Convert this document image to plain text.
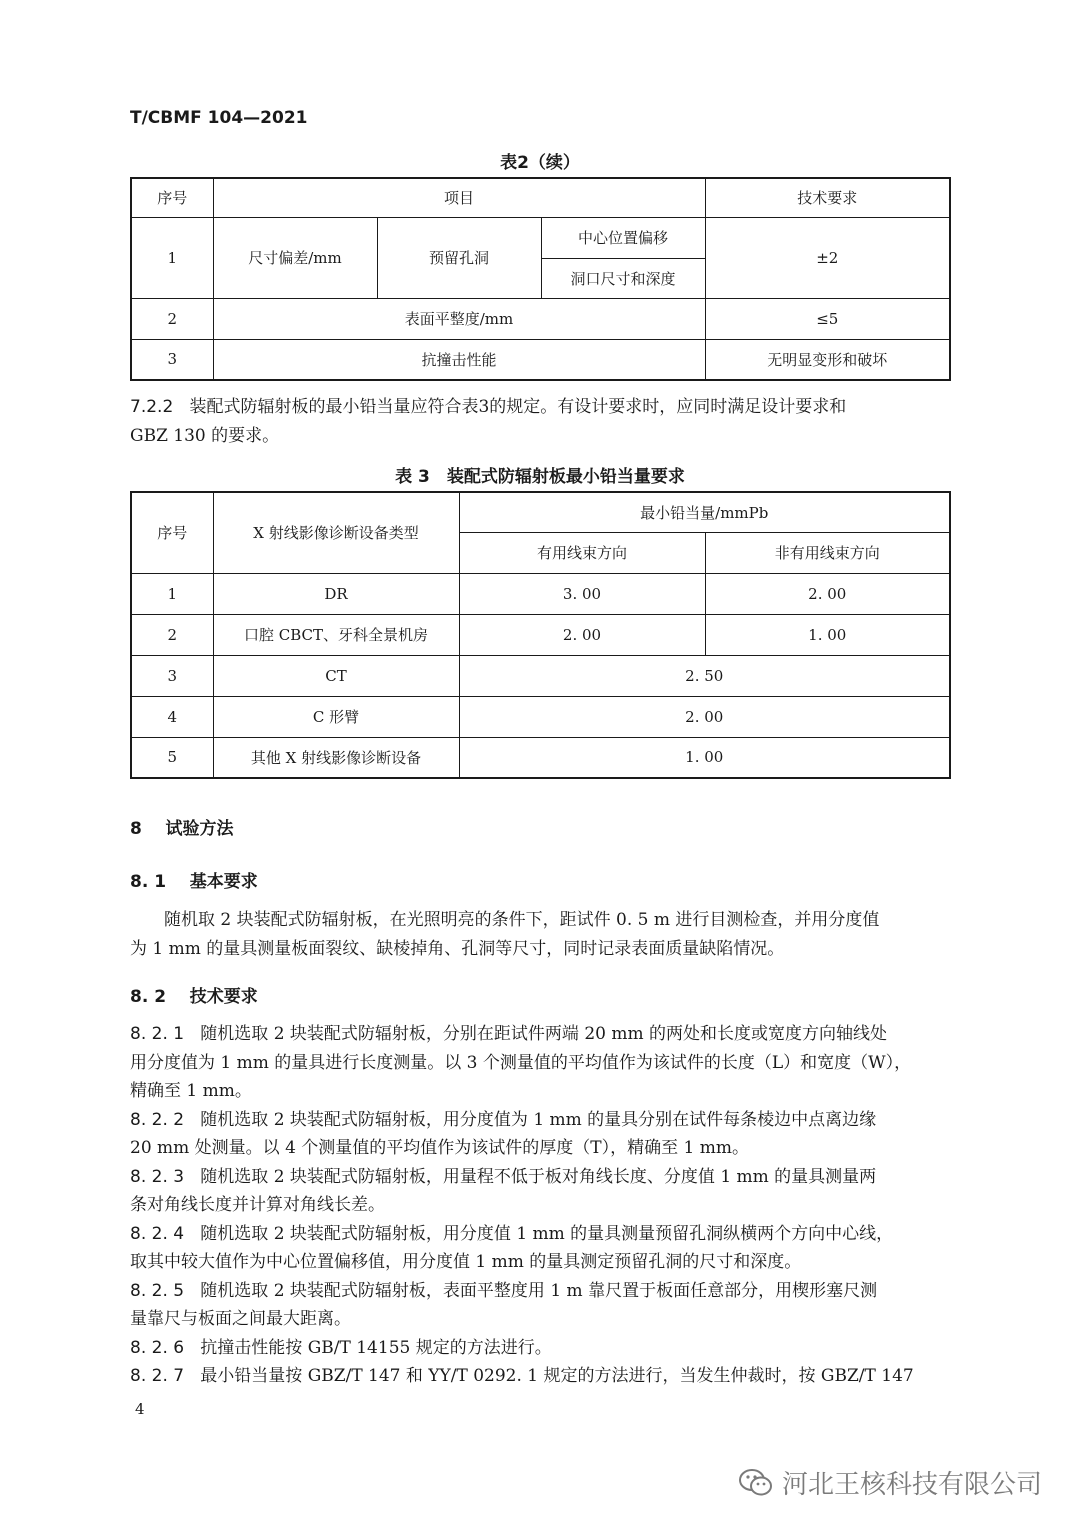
T/CBMF 104—2021
表2（续）
序号	项目			技术要求
1	尺寸偏差/mm	预留孔洞	中心位置偏移	±2
			洞口尺寸和深度	
2	表面平整度/mm			≤5
3	抗撞击性能			无明显变形和破坏
7.2.2 装配式防辐射板的最小铅当量应符合表3的规定。有设计要求时，应同时满足设计要求和
GBZ 130 的要求。
表 3　装配式防辐射板最小铅当量要求
序号	X 射线影像诊断设备类型	最小铅当量/mmPb	
		有用线束方向	非有用线束方向
1	DR	3. 00	2. 00
2	口腔 CBCT、牙科全景机房	2. 00	1. 00
3	CT	2. 50	
4	C 形臂	2. 00	
5	其他 X 射线影像诊断设备	1. 00	
8 试验方法
8. 1 基本要求
随机取 2 块装配式防辐射板，在光照明亮的条件下，距试件 0. 5 m 进行目测检查，并用分度值
为 1 mm 的量具测量板面裂纹、缺棱掉角、孔洞等尺寸，同时记录表面质量缺陷情况。
8. 2 技术要求
8. 2. 1 随机选取 2 块装配式防辐射板，分别在距试件两端 20 mm 的两处和长度或宽度方向轴线处
用分度值为 1 mm 的量具进行长度测量。以 3 个测量值的平均值作为该试件的长度（L）和宽度（W），
精确至 1 mm。
8. 2. 2 随机选取 2 块装配式防辐射板，用分度值为 1 mm 的量具分别在试件每条棱边中点离边缘
20 mm 处测量。以 4 个测量值的平均值作为该试件的厚度（T），精确至 1 mm。
8. 2. 3 随机选取 2 块装配式防辐射板，用量程不低于板对角线长度、分度值 1 mm 的量具测量两
条对角线长度并计算对角线长差。
8. 2. 4 随机选取 2 块装配式防辐射板，用分度值 1 mm 的量具测量预留孔洞纵横两个方向中心线，
取其中较大值作为中心位置偏移值，用分度值 1 mm 的量具测定预留孔洞的尺寸和深度。
8. 2. 5 随机选取 2 块装配式防辐射板，表面平整度用 1 m 靠尺置于板面任意部分，用楔形塞尺测
量靠尺与板面之间最大距离。
8. 2. 6 抗撞击性能按 GB/T 14155 规定的方法进行。
8. 2. 7 最小铅当量按 GBZ/T 147 和 YY/T 0292. 1 规定的方法进行，当发生仲裁时，按 GBZ/T 147
4
河北王核科技有限公司
